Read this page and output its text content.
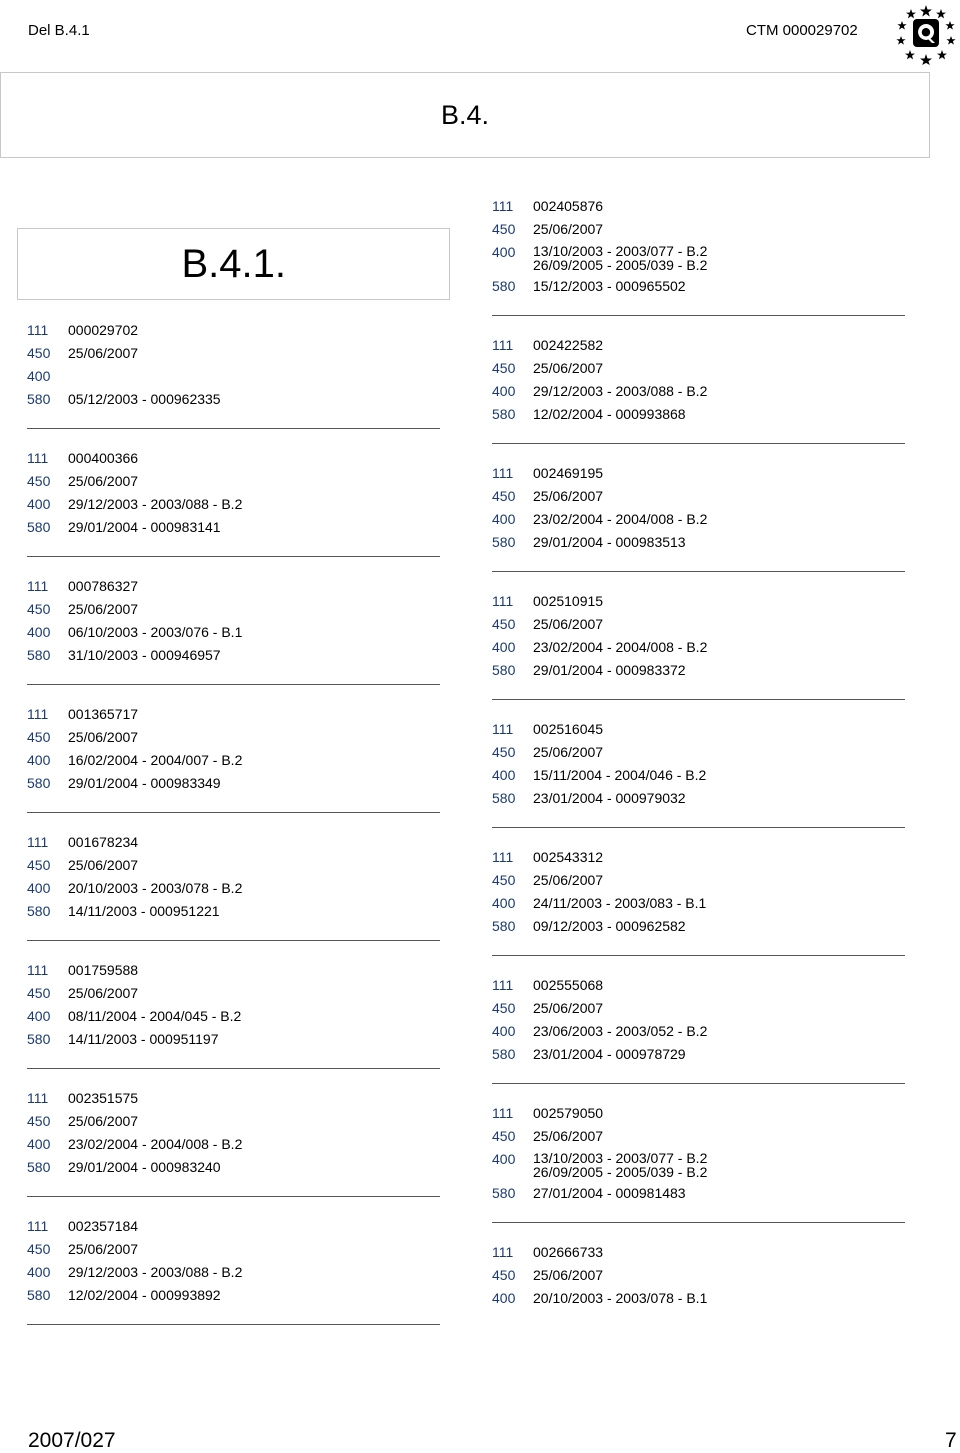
Del B.4.1	CTM 000029702
B.4.
B.4.1.
111	000029702
450	25/06/2007
400
580	05/12/2003 - 000962335
111	000400366
450	25/06/2007
400	29/12/2003 - 2003/088 - B.2
580	29/01/2004 - 000983141
111	000786327
450	25/06/2007
400	06/10/2003 - 2003/076 - B.1
580	31/10/2003 - 000946957
111	001365717
450	25/06/2007
400	16/02/2004 - 2004/007 - B.2
580	29/01/2004 - 000983349
111	001678234
450	25/06/2007
400	20/10/2003 - 2003/078 - B.2
580	14/11/2003 - 000951221
111	001759588
450	25/06/2007
400	08/11/2004 - 2004/045 - B.2
580	14/11/2003 - 000951197
111	002351575
450	25/06/2007
400	23/02/2004 - 2004/008 - B.2
580	29/01/2004 - 000983240
111	002357184
450	25/06/2007
400	29/12/2003 - 2003/088 - B.2
580	12/02/2004 - 000993892
111	002405876
450	25/06/2007
400	13/10/2003 - 2003/077 - B.2
26/09/2005 - 2005/039 - B.2
580	15/12/2003 - 000965502
111	002422582
450	25/06/2007
400	29/12/2003 - 2003/088 - B.2
580	12/02/2004 - 000993868
111	002469195
450	25/06/2007
400	23/02/2004 - 2004/008 - B.2
580	29/01/2004 - 000983513
111	002510915
450	25/06/2007
400	23/02/2004 - 2004/008 - B.2
580	29/01/2004 - 000983372
111	002516045
450	25/06/2007
400	15/11/2004 - 2004/046 - B.2
580	23/01/2004 - 000979032
111	002543312
450	25/06/2007
400	24/11/2003 - 2003/083 - B.1
580	09/12/2003 - 000962582
111	002555068
450	25/06/2007
400	23/06/2003 - 2003/052 - B.2
580	23/01/2004 - 000978729
111	002579050
450	25/06/2007
400	13/10/2003 - 2003/077 - B.2
26/09/2005 - 2005/039 - B.2
580	27/01/2004 - 000981483
111	002666733
450	25/06/2007
400	20/10/2003 - 2003/078 - B.1
2007/027	7
